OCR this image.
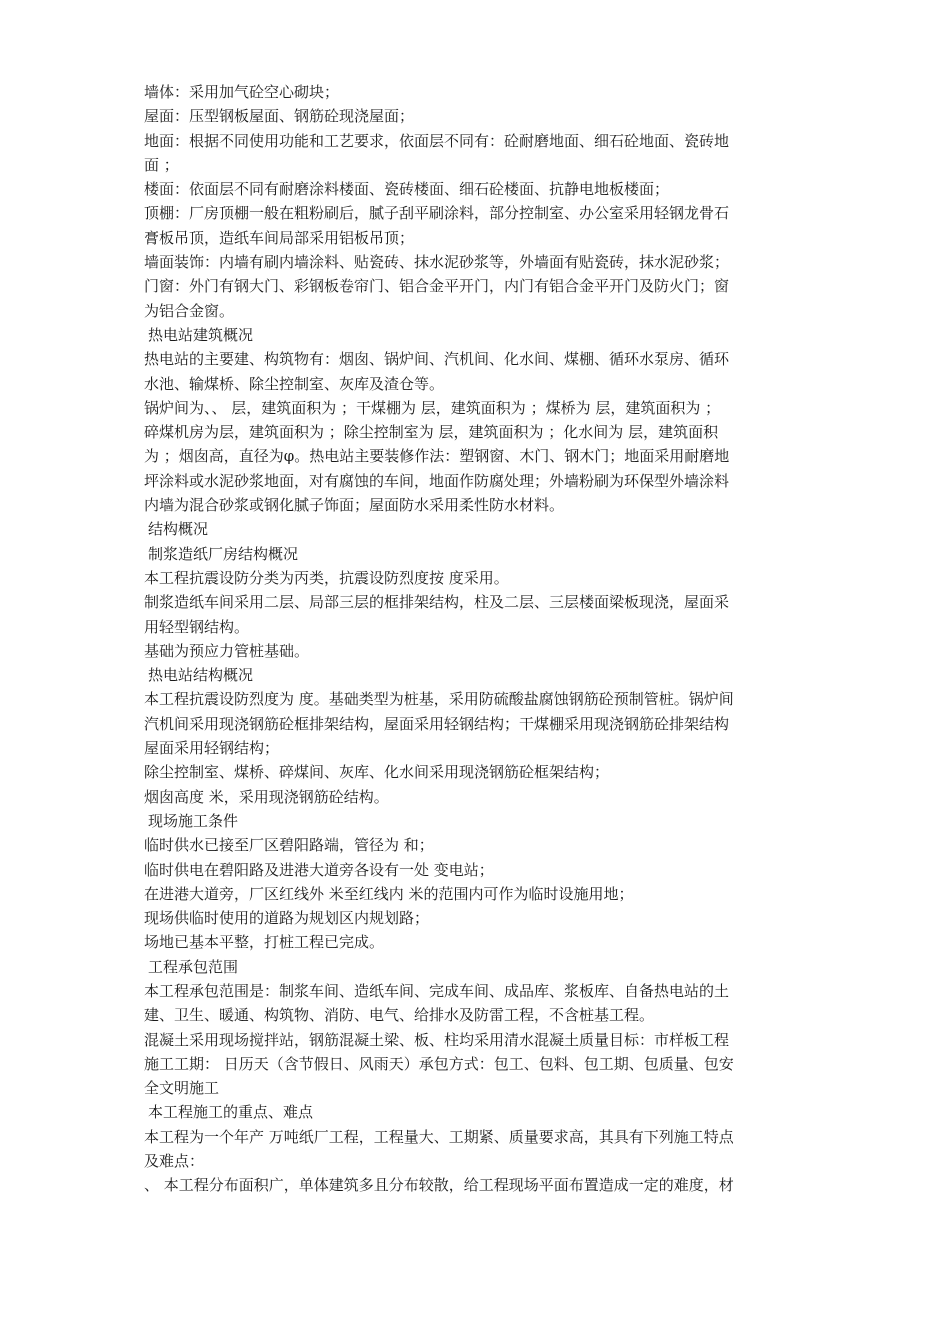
墙体：采用加气砼空心砌块；
屋面：压型钢板屋面、钢筋砼现浇屋面；
地面：根据不同使用功能和工艺要求，依面层不同有：砼耐磨地面、细石砼地面、瓷砖地
面 ；
楼面：依面层不同有耐磨涂料楼面、瓷砖楼面、细石砼楼面、抗静电地板楼面；
顶棚：厂房顶棚一般在粗粉刷后，腻子刮平刷涂料，部分控制室、办公室采用轻钢龙骨石
膏板吊顶，造纸车间局部采用铝板吊顶；
墙面装饰：内墙有刷内墙涂料、贴瓷砖、抹水泥砂浆等，外墙面有贴瓷砖，抹水泥砂浆；
门窗：外门有钢大门、彩钢板卷帘门、铝合金平开门，内门有铝合金平开门及防火门；窗
为铝合金窗。
热电站建筑概况
热电站的主要建、构筑物有：烟囱、锅炉间、汽机间、化水间、煤棚、循环水泵房、循环
水池、输煤桥、除尘控制室、灰库及渣仓等。
锅炉间为、、 层，建筑面积为 ；干煤棚为 层，建筑面积为 ；煤桥为 层，建筑面积为 ；
碎煤机房为层，建筑面积为 ；除尘控制室为 层，建筑面积为 ；化水间为 层，建筑面积
为 ；烟囱高，直径为φ。热电站主要装修作法：塑钢窗、木门、钢木门；地面采用耐磨地
坪涂料或水泥砂浆地面，对有腐蚀的车间，地面作防腐处理；外墙粉刷为环保型外墙涂料
内墙为混合砂浆或钢化腻子饰面；屋面防水采用柔性防水材料。
结构概况
制浆造纸厂房结构概况
本工程抗震设防分类为丙类，抗震设防烈度按 度采用。
制浆造纸车间采用二层、局部三层的框排架结构，柱及二层、三层楼面梁板现浇，屋面采
用轻型钢结构。
基础为预应力管桩基础。
热电站结构概况
本工程抗震设防烈度为 度。基础类型为桩基，采用防硫酸盐腐蚀钢筋砼预制管桩。锅炉间
汽机间采用现浇钢筋砼框排架结构，屋面采用轻钢结构；干煤棚采用现浇钢筋砼排架结构
屋面采用轻钢结构；
除尘控制室、煤桥、碎煤间、灰库、化水间采用现浇钢筋砼框架结构；
烟囱高度 米，采用现浇钢筋砼结构。
现场施工条件
临时供水已接至厂区碧阳路端，管径为 和；
临时供电在碧阳路及进港大道旁各设有一处 变电站；
在进港大道旁，厂区红线外 米至红线内 米的范围内可作为临时设施用地；
现场供临时使用的道路为规划区内规划路；
场地已基本平整，打桩工程已完成。
工程承包范围
本工程承包范围是：制浆车间、造纸车间、完成车间、成品库、浆板库、自备热电站的土
建、卫生、暖通、构筑物、消防、电气、给排水及防雷工程，不含桩基工程。
混凝土采用现场搅拌站，钢筋混凝土梁、板、柱均采用清水混凝土质量目标：市样板工程
施工工期： 日历天（含节假日、风雨天）承包方式：包工、包料、包工期、包质量、包安
全文明施工
本工程施工的重点、难点
本工程为一个年产 万吨纸厂工程，工程量大、工期紧、质量要求高，其具有下列施工特点
及难点：
、 本工程分布面积广，单体建筑多且分布较散，给工程现场平面布置造成一定的难度，材
